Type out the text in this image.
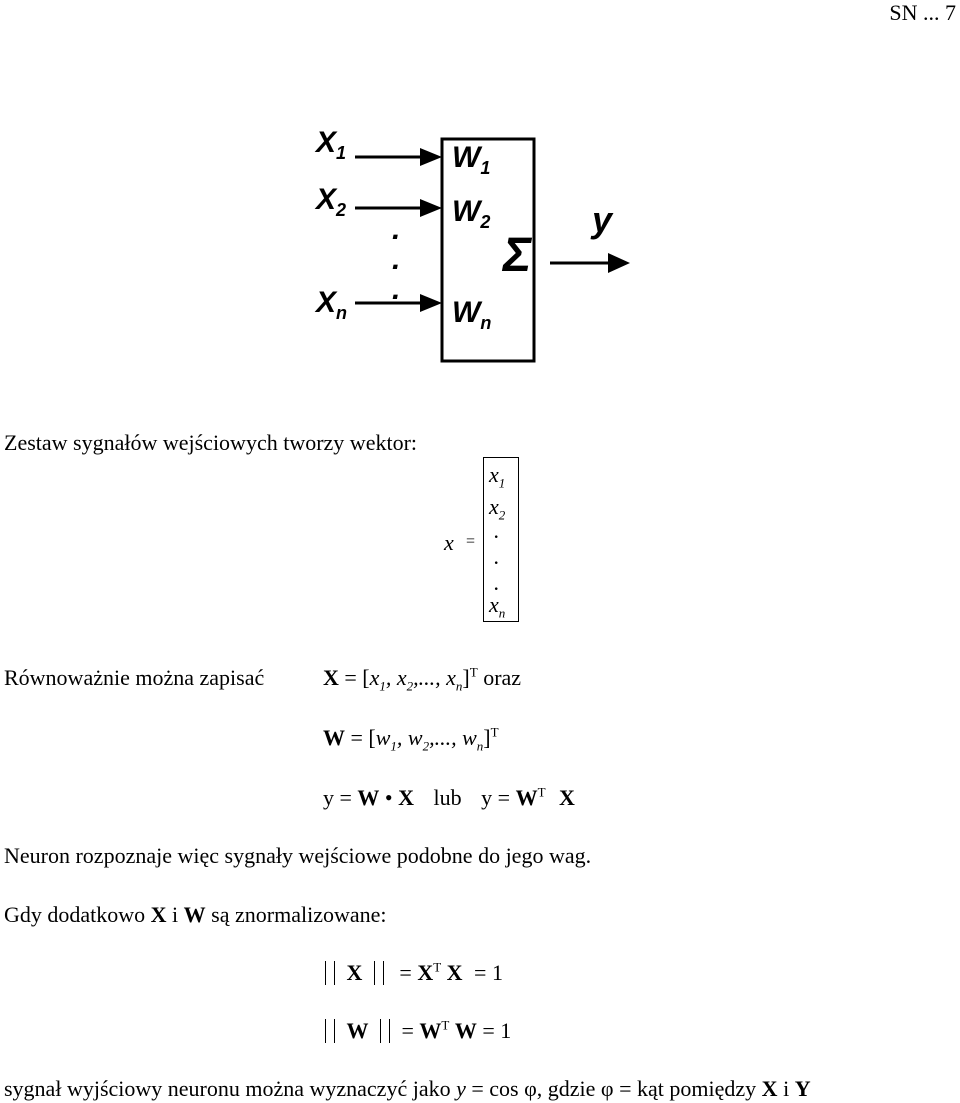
SN ... 7
$X_1$
$X_2$
$X_n$
.
.
.
$W_1$
$W_2$
$W_n$
Σ
y
Zestaw sygnałów wejściowych tworzy wektor:
x =
$x_1$
$x_2$
.
.
.
$x_n$
Równoważnie można zapisać	$X = [x_1$, $x_2$,..., $x_n]^T$ oraz
$W = [w_1$, $w_2$,..., $w_n]^T$
y = W • X lub $y = W^T$ X
Neuron rozpoznaje więc sygnały wejściowe podobne do jego wag.
Gdy dodatkowo X i W są znormalizowane:
$X = X^T$ X = 1
$W = W^T$ W = 1
sygnał wyjściowy neuronu można wyznaczyć jako y = cos φ, gdzie φ = kąt pomiędzy X i Y
